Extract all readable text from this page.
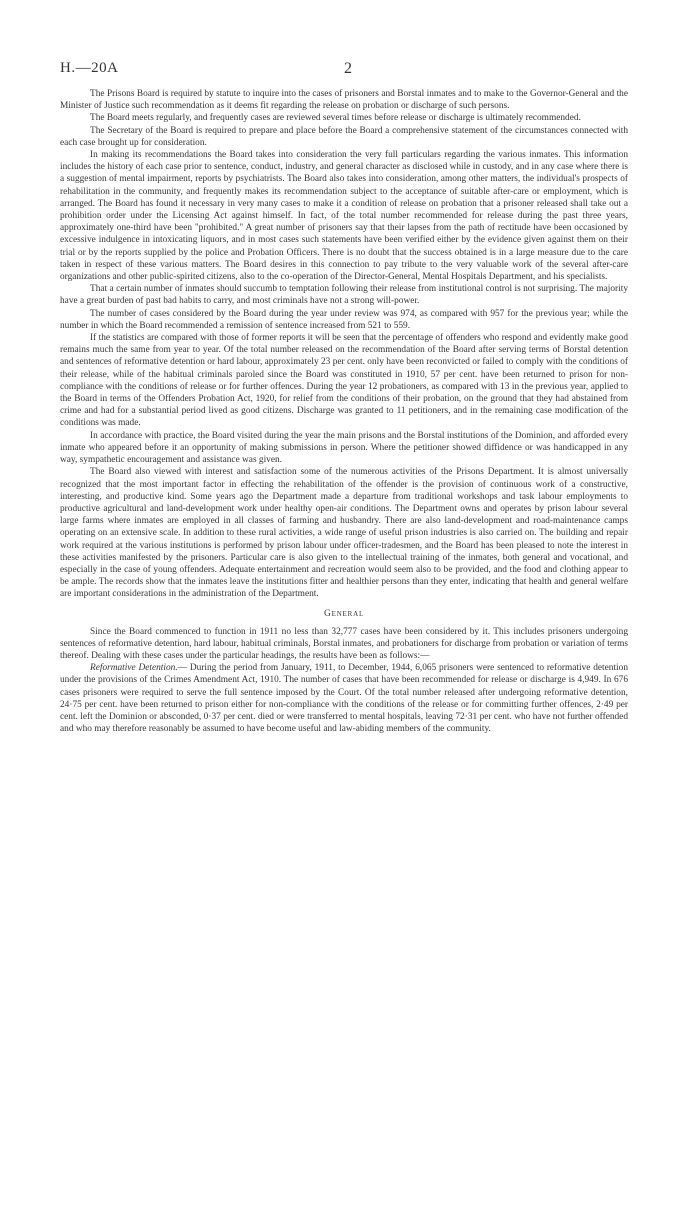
H.—20A	2

The Prisons Board is required by statute to inquire into the cases of prisoners and Borstal inmates and to make to the Governor-General and the Minister of Justice such recommendation as it deems fit regarding the release on probation or discharge of such persons.

The Board meets regularly, and frequently cases are reviewed several times before release or discharge is ultimately recommended.

The Secretary of the Board is required to prepare and place before the Board a comprehensive statement of the circumstances connected with each case brought up for consideration.

In making its recommendations the Board takes into consideration the very full particulars regarding the various inmates. This information includes the history of each case prior to sentence, conduct, industry, and general character as disclosed while in custody, and in any case where there is a suggestion of mental impairment, reports by psychiatrists. The Board also takes into consideration, among other matters, the individual's prospects of rehabilitation in the community, and frequently makes its recommendation subject to the acceptance of suitable after-care or employment, which is arranged. The Board has found it necessary in very many cases to make it a condition of release on probation that a prisoner released shall take out a prohibition order under the Licensing Act against himself. In fact, of the total number recommended for release during the past three years, approximately one-third have been "prohibited." A great number of prisoners say that their lapses from the path of rectitude have been occasioned by excessive indulgence in intoxicating liquors, and in most cases such statements have been verified either by the evidence given against them on their trial or by the reports supplied by the police and Probation Officers. There is no doubt that the success obtained is in a large measure due to the care taken in respect of these various matters. The Board desires in this connection to pay tribute to the very valuable work of the several after-care organizations and other public-spirited citizens, also to the co-operation of the Director-General, Mental Hospitals Department, and his specialists.

That a certain number of inmates should succumb to temptation following their release from institutional control is not surprising. The majority have a great burden of past bad habits to carry, and most criminals have not a strong will-power.

The number of cases considered by the Board during the year under review was 974, as compared with 957 for the previous year; while the number in which the Board recommended a remission of sentence increased from 521 to 559.

If the statistics are compared with those of former reports it will be seen that the percentage of offenders who respond and evidently make good remains much the same from year to year. Of the total number released on the recommendation of the Board after serving terms of Borstal detention and sentences of reformative detention or hard labour, approximately 23 per cent. only have been reconvicted or failed to comply with the conditions of their release, while of the habitual criminals paroled since the Board was constituted in 1910, 57 per cent. have been returned to prison for non-compliance with the conditions of release or for further offences. During the year 12 probationers, as compared with 13 in the previous year, applied to the Board in terms of the Offenders Probation Act, 1920, for relief from the conditions of their probation, on the ground that they had abstained from crime and had for a substantial period lived as good citizens. Discharge was granted to 11 petitioners, and in the remaining case modification of the conditions was made.

In accordance with practice, the Board visited during the year the main prisons and the Borstal institutions of the Dominion, and afforded every inmate who appeared before it an opportunity of making submissions in person. Where the petitioner showed diffidence or was handicapped in any way, sympathetic encouragement and assistance was given.

The Board also viewed with interest and satisfaction some of the numerous activities of the Prisons Department. It is almost universally recognized that the most important factor in effecting the rehabilitation of the offender is the provision of continuous work of a constructive, interesting, and productive kind. Some years ago the Department made a departure from traditional workshops and task labour employments to productive agricultural and land-development work under healthy open-air conditions. The Department owns and operates by prison labour several large farms where inmates are employed in all classes of farming and husbandry. There are also land-development and road-maintenance camps operating on an extensive scale. In addition to these rural activities, a wide range of useful prison industries is also carried on. The building and repair work required at the various institutions is performed by prison labour under officer-tradesmen, and the Board has been pleased to note the interest in these activities manifested by the prisoners. Particular care is also given to the intellectual training of the inmates, both general and vocational, and especially in the case of young offenders. Adequate entertainment and recreation would seem also to be provided, and the food and clothing appear to be ample. The records show that the inmates leave the institutions fitter and healthier persons than they enter, indicating that health and general welfare are important considerations in the administration of the Department.

General

Since the Board commenced to function in 1911 no less than 32,777 cases have been considered by it. This includes prisoners undergoing sentences of reformative detention, hard labour, habitual criminals, Borstal inmates, and probationers for discharge from probation or variation of terms thereof. Dealing with these cases under the particular headings, the results have been as follows:—

Reformative Detention.— During the period from January, 1911, to December, 1944, 6,065 prisoners were sentenced to reformative detention under the provisions of the Crimes Amendment Act, 1910. The number of cases that have been recommended for release or discharge is 4,949. In 676 cases prisoners were required to serve the full sentence imposed by the Court. Of the total number released after undergoing reformative detention, 24·75 per cent. have been returned to prison either for non-compliance with the conditions of the release or for committing further offences, 2·49 per cent. left the Dominion or absconded, 0·37 per cent. died or were transferred to mental hospitals, leaving 72·31 per cent. who have not further offended and who may therefore reasonably be assumed to have become useful and law-abiding members of the community.
